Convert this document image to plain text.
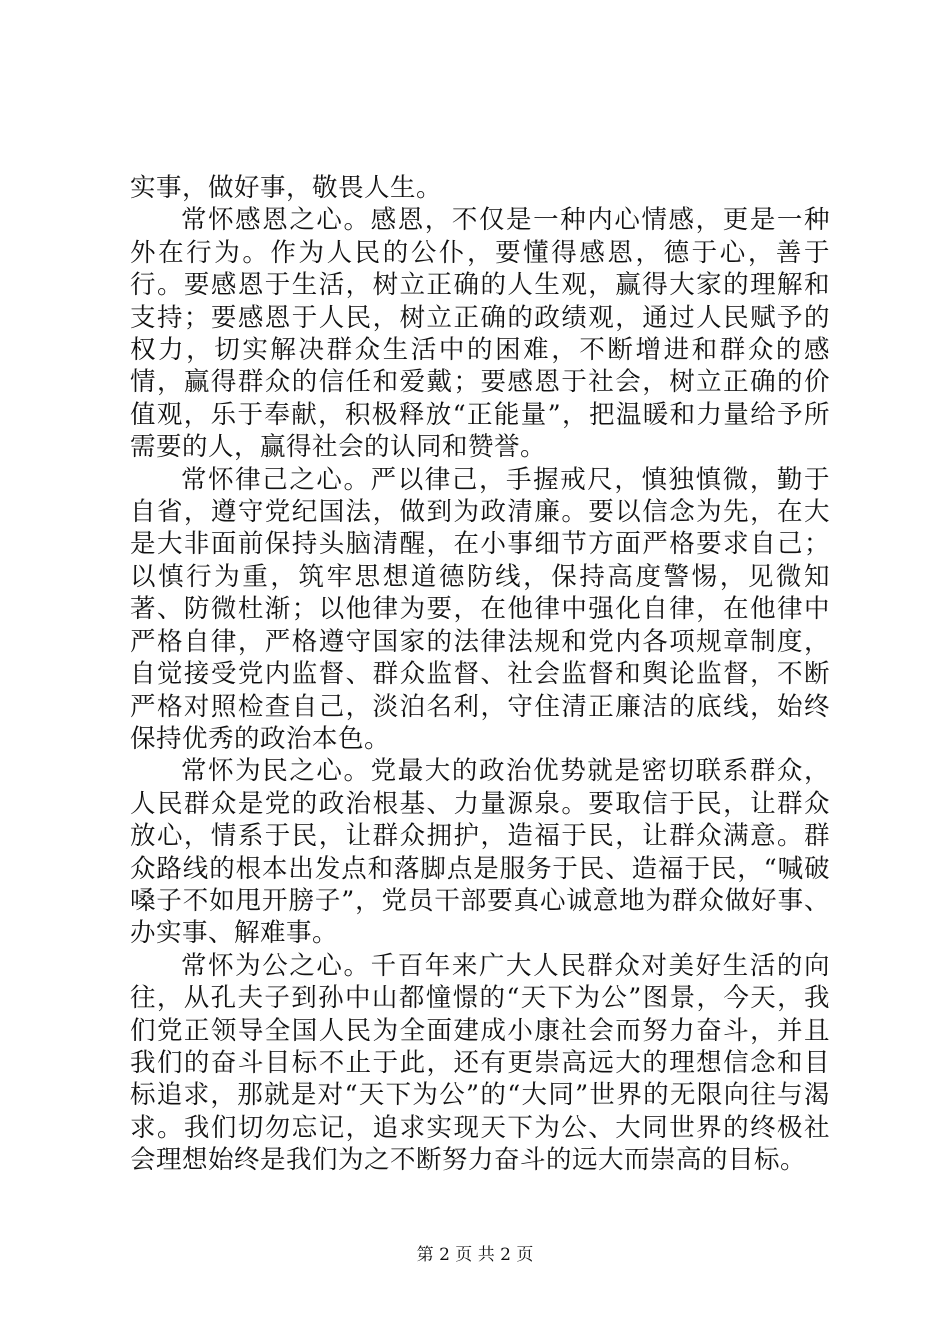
实事，做好事，敬畏人生。

常怀感恩之心。感恩，不仅是一种内心情感，更是一种外在行为。作为人民的公仆，要懂得感恩，德于心，善于行。要感恩于生活，树立正确的人生观，赢得大家的理解和支持；要感恩于人民，树立正确的政绩观，通过人民赋予的权力，切实解决群众生活中的困难，不断增进和群众的感情，赢得群众的信任和爱戴；要感恩于社会，树立正确的价值观，乐于奉献，积极释放“正能量”，把温暖和力量给予所需要的人，赢得社会的认同和赞誉。

常怀律己之心。严以律己，手握戒尺，慎独慎微，勤于自省，遵守党纪国法，做到为政清廉。要以信念为先，在大是大非面前保持头脑清醒，在小事细节方面严格要求自己；以慎行为重，筑牢思想道德防线，保持高度警惕，见微知著、防微杜渐；以他律为要，在他律中强化自律，在他律中严格自律，严格遵守国家的法律法规和党内各项规章制度，自觉接受党内监督、群众监督、社会监督和舆论监督，不断严格对照检查自己，淡泊名利，守住清正廉洁的底线，始终保持优秀的政治本色。

常怀为民之心。党最大的政治优势就是密切联系群众，人民群众是党的政治根基、力量源泉。要取信于民，让群众放心，情系于民，让群众拥护，造福于民，让群众满意。群众路线的根本出发点和落脚点是服务于民、造福于民，“喊破嗓子不如甩开膀子”，党员干部要真心诚意地为群众做好事、办实事、解难事。

常怀为公之心。千百年来广大人民群众对美好生活的向往，从孔夫子到孙中山都憧憬的“天下为公”图景，今天，我们党正领导全国人民为全面建成小康社会而努力奋斗，并且我们的奋斗目标不止于此，还有更崇高远大的理想信念和目标追求，那就是对“天下为公”的“大同”世界的无限向往与渴求。我们切勿忘记，追求实现天下为公、大同世界的终极社会理想始终是我们为之不断努力奋斗的远大而崇高的目标。

第 2 页 共 2 页
